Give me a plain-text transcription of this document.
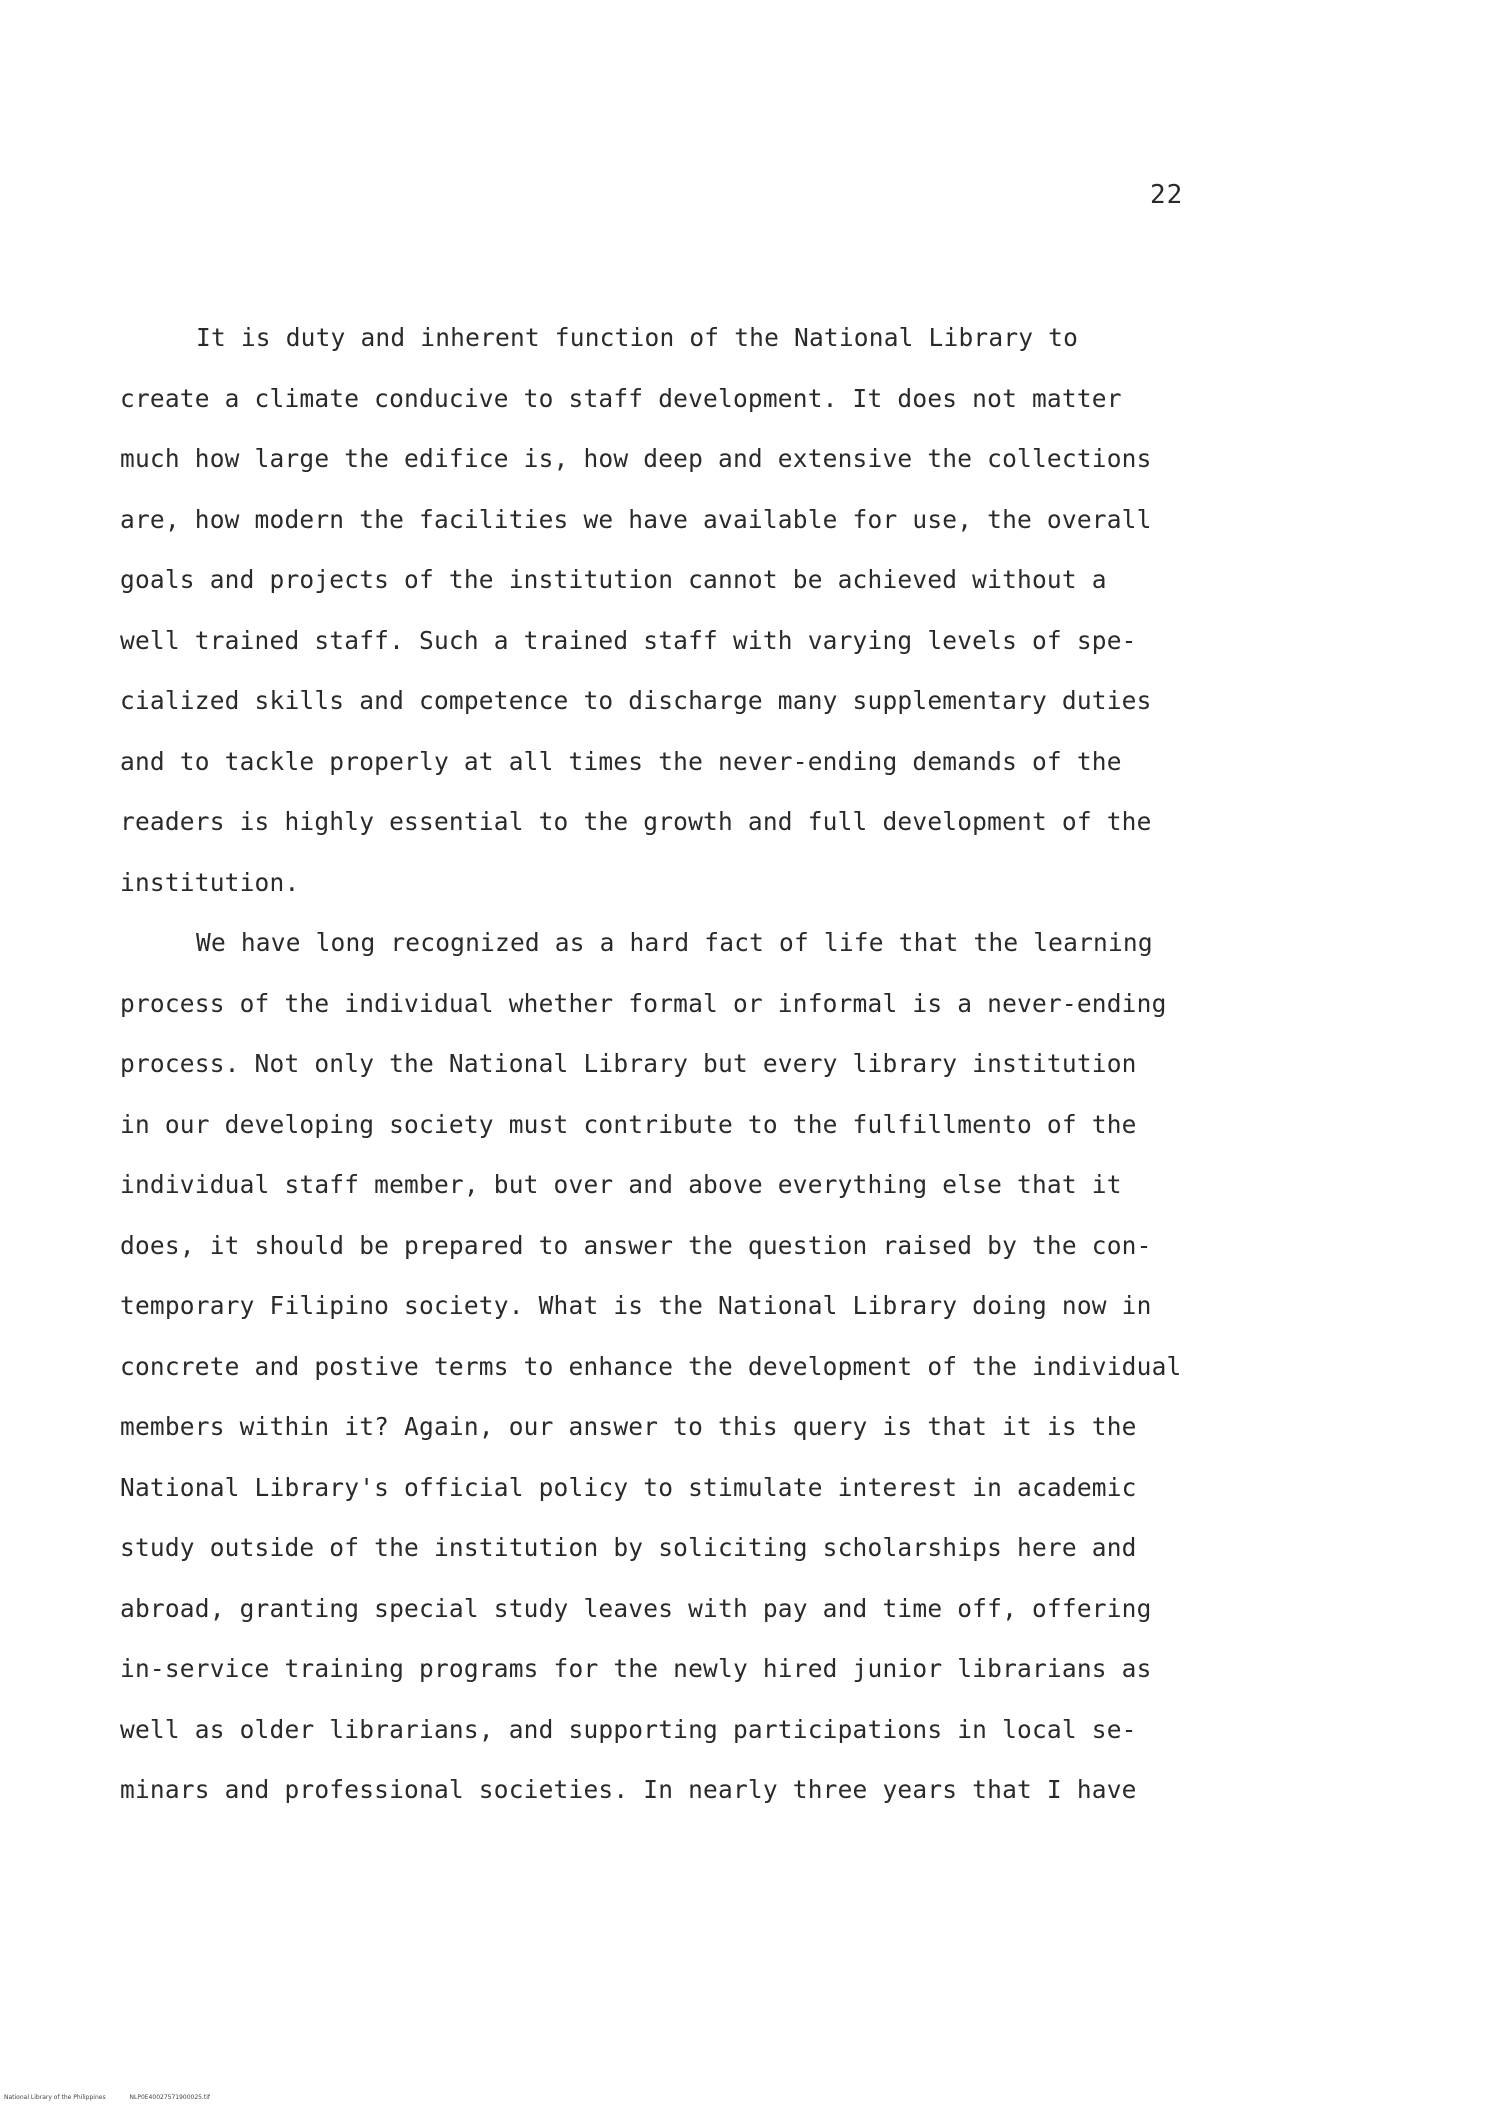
22
It is duty and inherent function of the National Library to
create a climate conducive to staff development. It does not matter
much how large the edifice is, how deep and extensive the collections
are, how modern the facilities we have available for use, the overall
goals and projects of the institution cannot be achieved without a
well trained staff. Such a trained staff with varying levels of spe-
cialized skills and competence to discharge many supplementary duties
and to tackle properly at all times the never-ending demands of the
readers is highly essential to the growth and full development of the
institution.
We have long recognized as a hard fact of life that the learning
process of the individual whether formal or informal is a never-ending
process. Not only the National Library but every library institution
in our developing society must contribute to the fulfillmento of the
individual staff member, but over and above everything else that it
does, it should be prepared to answer the question raised by the con-
temporary Filipino society. What is the National Library doing now in
concrete and postive terms to enhance the development of the individual
members within it? Again, our answer to this query is that it is the
National Library's official policy to stimulate interest in academic
study outside of the institution by soliciting scholarships here and
abroad, granting special study leaves with pay and time off, offering
in-service training programs for the newly hired junior librarians as
well as older librarians, and supporting participations in local se-
minars and professional societies. In nearly three years that I have
National Library of the Philippines	NLP0E40027571900025.tif
